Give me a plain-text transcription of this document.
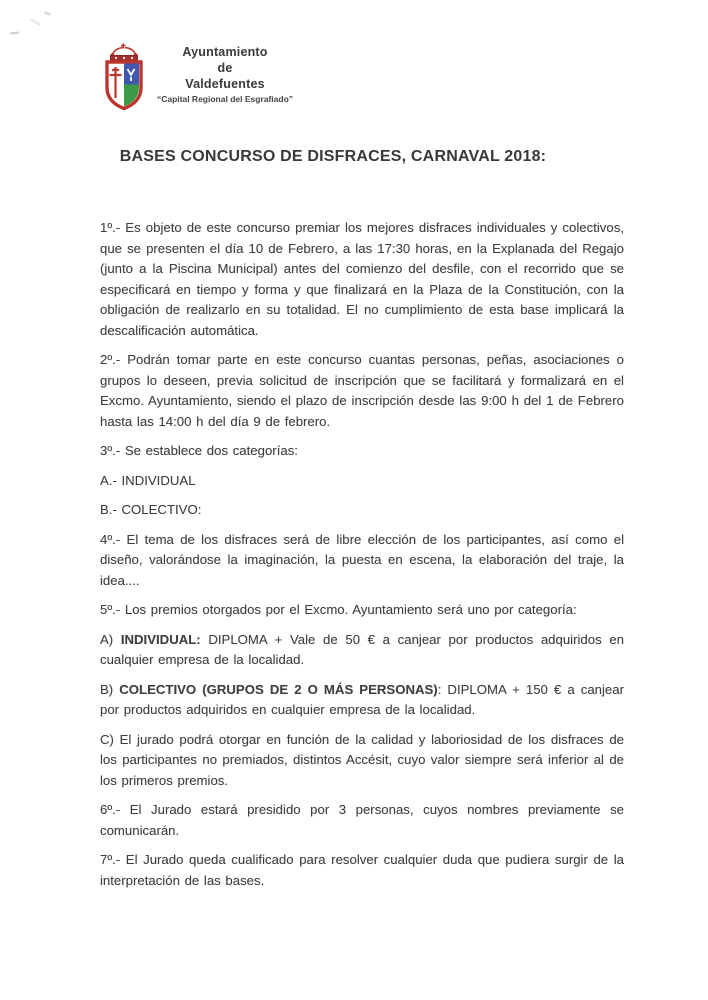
Ayuntamiento
de
Valdefuentes
“Capital Regional del Esgrafiado”
BASES CONCURSO DE DISFRACES, CARNAVAL 2018:

1º.- Es objeto de este concurso premiar los mejores disfraces individuales y colectivos, que se presenten el día 10 de Febrero, a las 17:30 horas, en la Explanada del Regajo (junto a la Piscina Municipal) antes del comienzo del desfile, con el recorrido que se especificará en tiempo y forma y que finalizará en la Plaza de la Constitución, con la obligación de realizarlo en su totalidad. El no cumplimiento de esta base implicará la descalificación automática.

2º.- Podrán tomar parte en este concurso cuantas personas, peñas, asociaciones o grupos lo deseen, previa solicitud de inscripción que se facilitará y formalizará en el Excmo. Ayuntamiento, siendo el plazo de inscripción desde las 9:00 h del 1 de Febrero hasta las 14:00 h del día 9 de febrero.

3º.- Se establece dos categorías:

A.- INDIVIDUAL

B.- COLECTIVO:

4º.- El tema de los disfraces será de libre elección de los participantes, así como el diseño, valorándose la imaginación, la puesta en escena, la elaboración del traje, la idea....

5º.- Los premios otorgados por el Excmo. Ayuntamiento será uno por categoría:

A) INDIVIDUAL: DIPLOMA + Vale de 50 € a canjear por productos adquiridos en cualquier empresa de la localidad.

B) COLECTIVO (GRUPOS DE 2 O MÁS PERSONAS): DIPLOMA + 150 € a canjear por productos adquiridos en cualquier empresa de la localidad.

C) El jurado podrá otorgar en función de la calidad y laboriosidad de los disfraces de los participantes no premiados, distintos Accésit, cuyo valor siempre será inferior al de los primeros premios.

6º.- El Jurado estará presidido por 3 personas, cuyos nombres previamente se comunicarán.

7º.- El Jurado queda cualificado para resolver cualquier duda que pudiera surgir de la interpretación de las bases.
